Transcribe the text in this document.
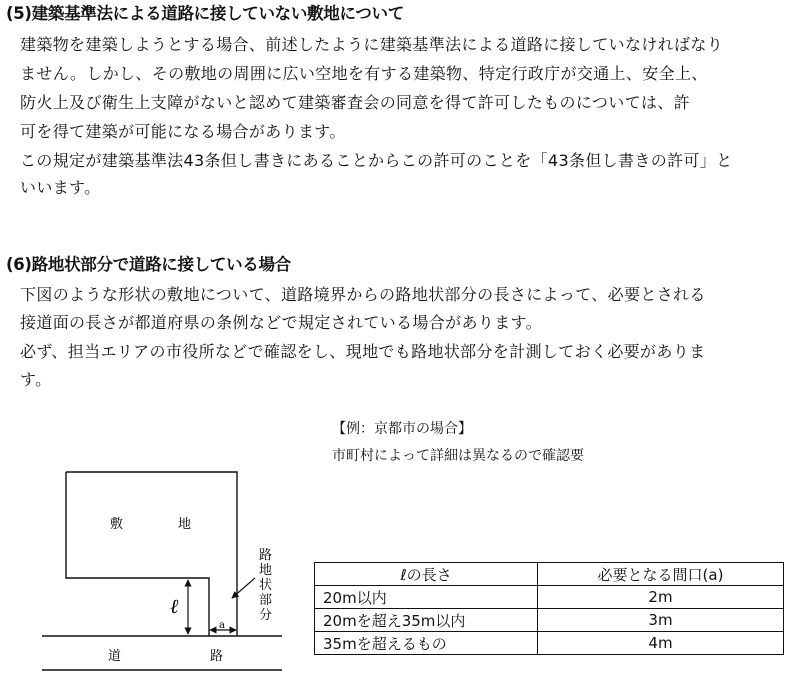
(5)建築基準法による道路に接していない敷地について
建築物を建築しようとする場合、前述したように建築基準法による道路に接していなければなり
ません。しかし、その敷地の周囲に広い空地を有する建築物、特定行政庁が交通上、安全上、
防火上及び衛生上支障がないと認めて建築審査会の同意を得て許可したものについては、許
可を得て建築が可能になる場合があります。
この規定が建築基準法43条但し書きにあることからこの許可のことを「43条但し書きの許可」と
いいます。
(6)路地状部分で道路に接している場合
下図のような形状の敷地について、道路境界からの路地状部分の長さによって、必要とされる
接道面の長さが都道府県の条例などで規定されている場合があります。
必ず、担当エリアの市役所などで確認をし、現地でも路地状部分を計測しておく必要がありま
す。
【例：京都市の場合】
市町村によって詳細は異なるので確認要
敷	地
ℓ
a
路
地
状
部
分
道	路
ℓの長さ	必要となる間口(a)
20m以内	2m
20mを超え35m以内	3m
35mを超えるもの	4m
